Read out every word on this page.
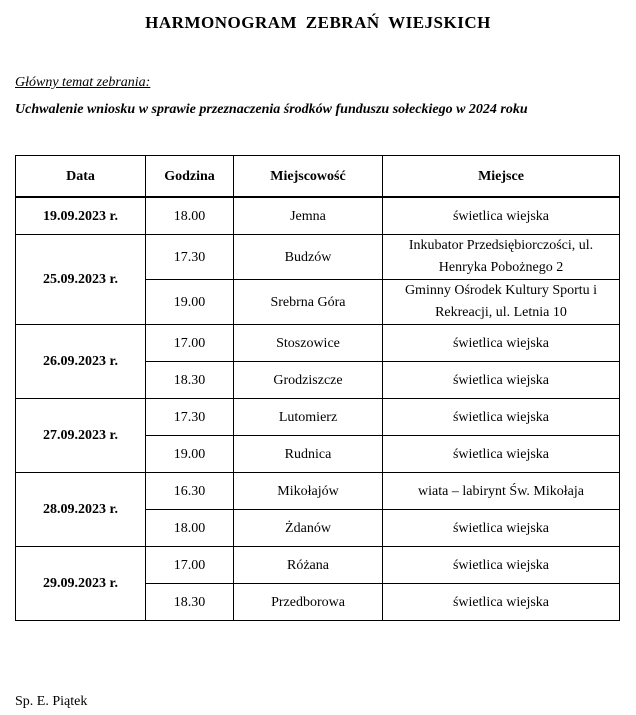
HARMONOGRAM ZEBRAŃ WIEJSKICH
Główny temat zebrania:
Uchwalenie wniosku w sprawie przeznaczenia środków funduszu sołeckiego w 2024 roku
Data	Godzina	Miejscowość	Miejsce
19.09.2023 r.	18.00	Jemna	świetlica wiejska
25.09.2023 r.	17.30	Budzów	Inkubator Przedsiębiorczości, ul. Henryka Pobożnego 2
	19.00	Srebrna Góra	Gminny Ośrodek Kultury Sportu i Rekreacji, ul. Letnia 10
26.09.2023 r.	17.00	Stoszowice	świetlica wiejska
	18.30	Grodziszcze	świetlica wiejska
27.09.2023 r.	17.30	Lutomierz	świetlica wiejska
	19.00	Rudnica	świetlica wiejska
28.09.2023 r.	16.30	Mikołajów	wiata – labirynt Św. Mikołaja
	18.00	Żdanów	świetlica wiejska
29.09.2023 r.	17.00	Różana	świetlica wiejska
	18.30	Przedborowa	świetlica wiejska
Sp. E. Piątek
